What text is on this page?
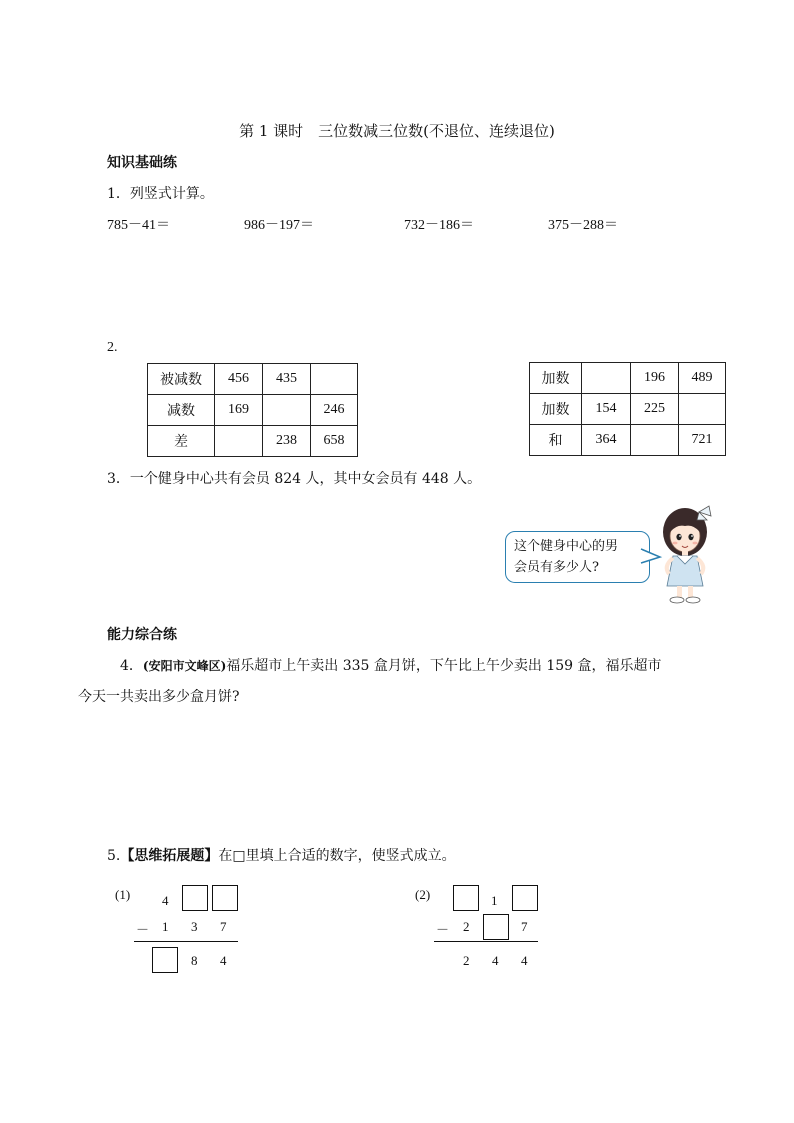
第 1 课时　三位数减三位数(不退位、连续退位)
知识基础练
1．列竖式计算。
785－41＝	986－197＝	732－186＝	375－288＝
2.
被减数	456	435	
减数	169		246
差		238	658
加数		196	489
加数	154	225	
和	364		721
3．一个健身中心共有会员 824 人，其中女会员有 448 人。
这个健身中心的男
会员有多少人?
能力综合练
4．(安阳市文峰区)福乐超市上午卖出 335 盒月饼，下午比上午少卖出 159 盒，福乐超市
今天一共卖出多少盒月饼?
5.【思维拓展题】在□里填上合适的数字，使竖式成立。
(1) 4
－ 1 3 7
8 4
(2)	1
－ 2	7
2 4 4
